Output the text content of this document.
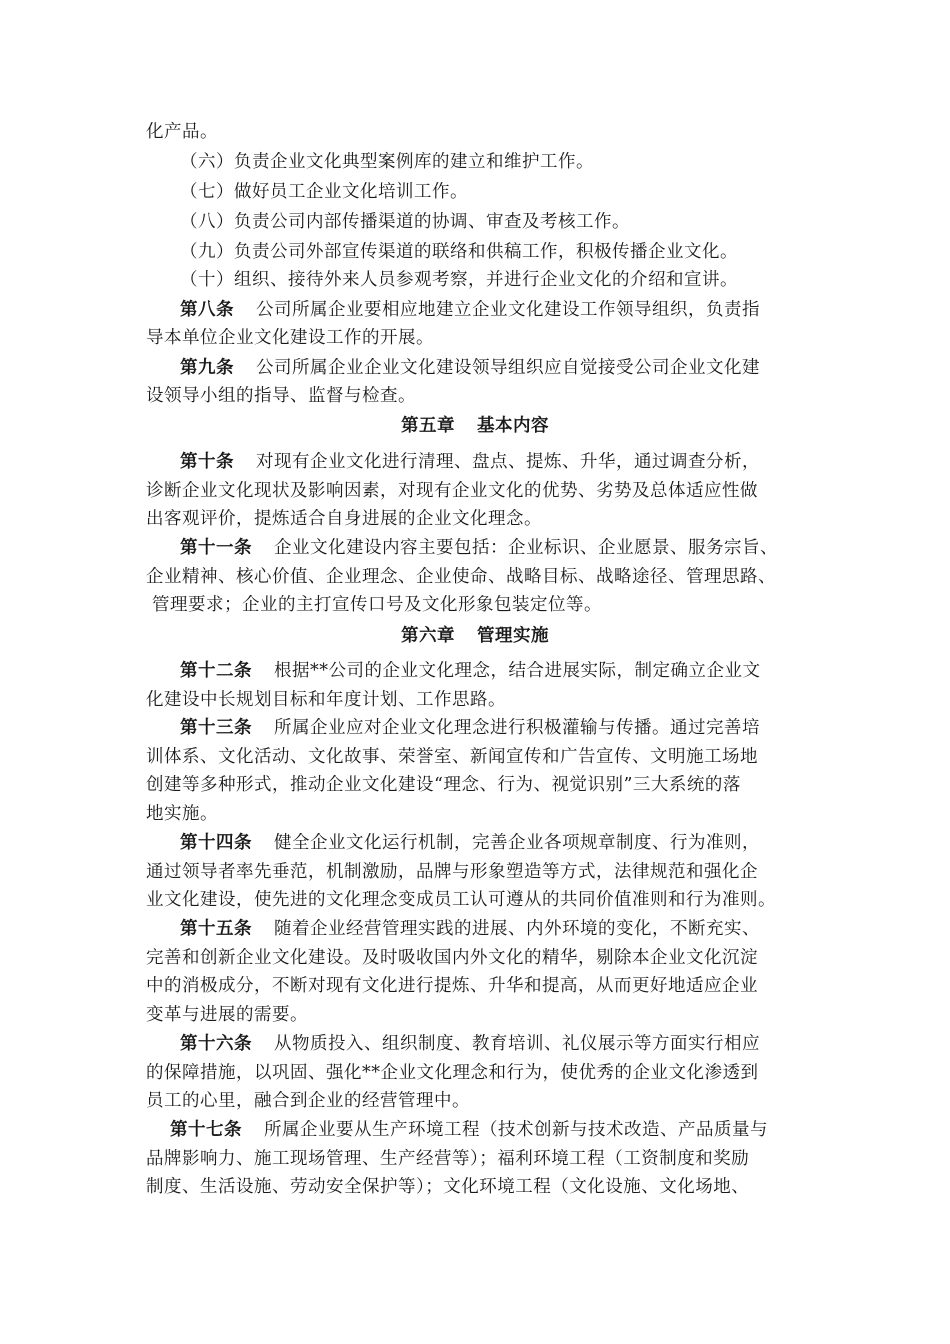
化产品。
（六）负责企业文化典型案例库的建立和维护工作。
（七）做好员工企业文化培训工作。
（八）负责公司内部传播渠道的协调、审查及考核工作。
（九）负责公司外部宣传渠道的联络和供稿工作，积极传播企业文化。
（十）组织、接待外来人员参观考察，并进行企业文化的介绍和宣讲。
第八条 公司所属企业要相应地建立企业文化建设工作领导组织，负责指
导本单位企业文化建设工作的开展。
第九条 公司所属企业企业文化建设领导组织应自觉接受公司企业文化建
设领导小组的指导、监督与检查。
第五章 基本内容
第十条 对现有企业文化进行清理、盘点、提炼、升华，通过调查分析，
诊断企业文化现状及影响因素，对现有企业文化的优势、劣势及总体适应性做
出客观评价，提炼适合自身进展的企业文化理念。
第十一条 企业文化建设内容主要包括：企业标识、企业愿景、服务宗旨、
企业精神、核心价值、企业理念、企业使命、战略目标、战略途径、管理思路、
管理要求；企业的主打宣传口号及文化形象包装定位等。
第六章 管理实施
第十二条 根据**公司的企业文化理念，结合进展实际，制定确立企业文
化建设中长规划目标和年度计划、工作思路。
第十三条 所属企业应对企业文化理念进行积极灌输与传播。通过完善培
训体系、文化活动、文化故事、荣誉室、新闻宣传和广告宣传、文明施工场地
创建等多种形式，推动企业文化建设“理念、行为、视觉识别”三大系统的落
地实施。
第十四条 健全企业文化运行机制，完善企业各项规章制度、行为准则，
通过领导者率先垂范，机制激励，品牌与形象塑造等方式，法律规范和强化企
业文化建设，使先进的文化理念变成员工认可遵从的共同价值准则和行为准则。
第十五条 随着企业经营管理实践的进展、内外环境的变化，不断充实、
完善和创新企业文化建设。及时吸收国内外文化的精华，剔除本企业文化沉淀
中的消极成分，不断对现有文化进行提炼、升华和提高，从而更好地适应企业
变革与进展的需要。
第十六条 从物质投入、组织制度、教育培训、礼仪展示等方面实行相应
的保障措施，以巩固、强化**企业文化理念和行为，使优秀的企业文化渗透到
员工的心里，融合到企业的经营管理中。
第十七条 所属企业要从生产环境工程（技术创新与技术改造、产品质量与
品牌影响力、施工现场管理、生产经营等）；福利环境工程（工资制度和奖励
制度、生活设施、劳动安全保护等）；文化环境工程（文化设施、文化场地、
